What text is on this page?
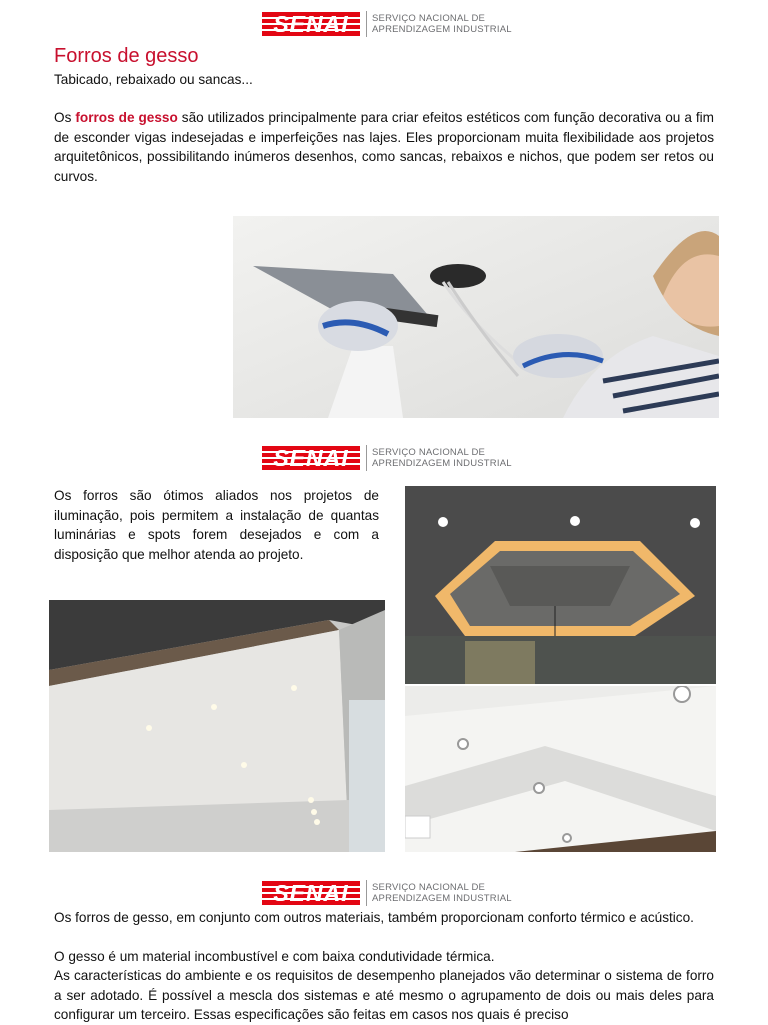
SENAI	SERVIÇO NACIONAL DE
APRENDIZAGEM INDUSTRIAL
Forros de gesso
Tabicado, rebaixado ou sancas...
Os forros de gesso são utilizados principalmente para criar efeitos estéticos com função decorativa ou a fim de esconder vigas indesejadas e imperfeições nas lajes. Eles proporcionam muita flexibilidade aos projetos arquitetônicos, possibilitando inúmeros desenhos, como sancas, rebaixos e nichos, que podem ser retos ou curvos.
SENAI	SERVIÇO NACIONAL DE
APRENDIZAGEM INDUSTRIAL
Os forros são ótimos aliados nos projetos de iluminação, pois permitem a instalação de quantas luminárias e spots forem desejados e com a disposição que melhor atenda ao projeto.
SENAI	SERVIÇO NACIONAL DE
APRENDIZAGEM INDUSTRIAL
Os forros de gesso, em conjunto com outros materiais, também proporcionam conforto térmico e acústico.
O gesso é um material incombustível e com baixa condutividade térmica.
As características do ambiente e os requisitos de desempenho planejados vão determinar o sistema de forro a ser adotado. É possível a mescla dos sistemas e até mesmo o agrupamento de dois ou mais deles para configurar um terceiro. Essas especificações são feitas em casos nos quais é preciso
